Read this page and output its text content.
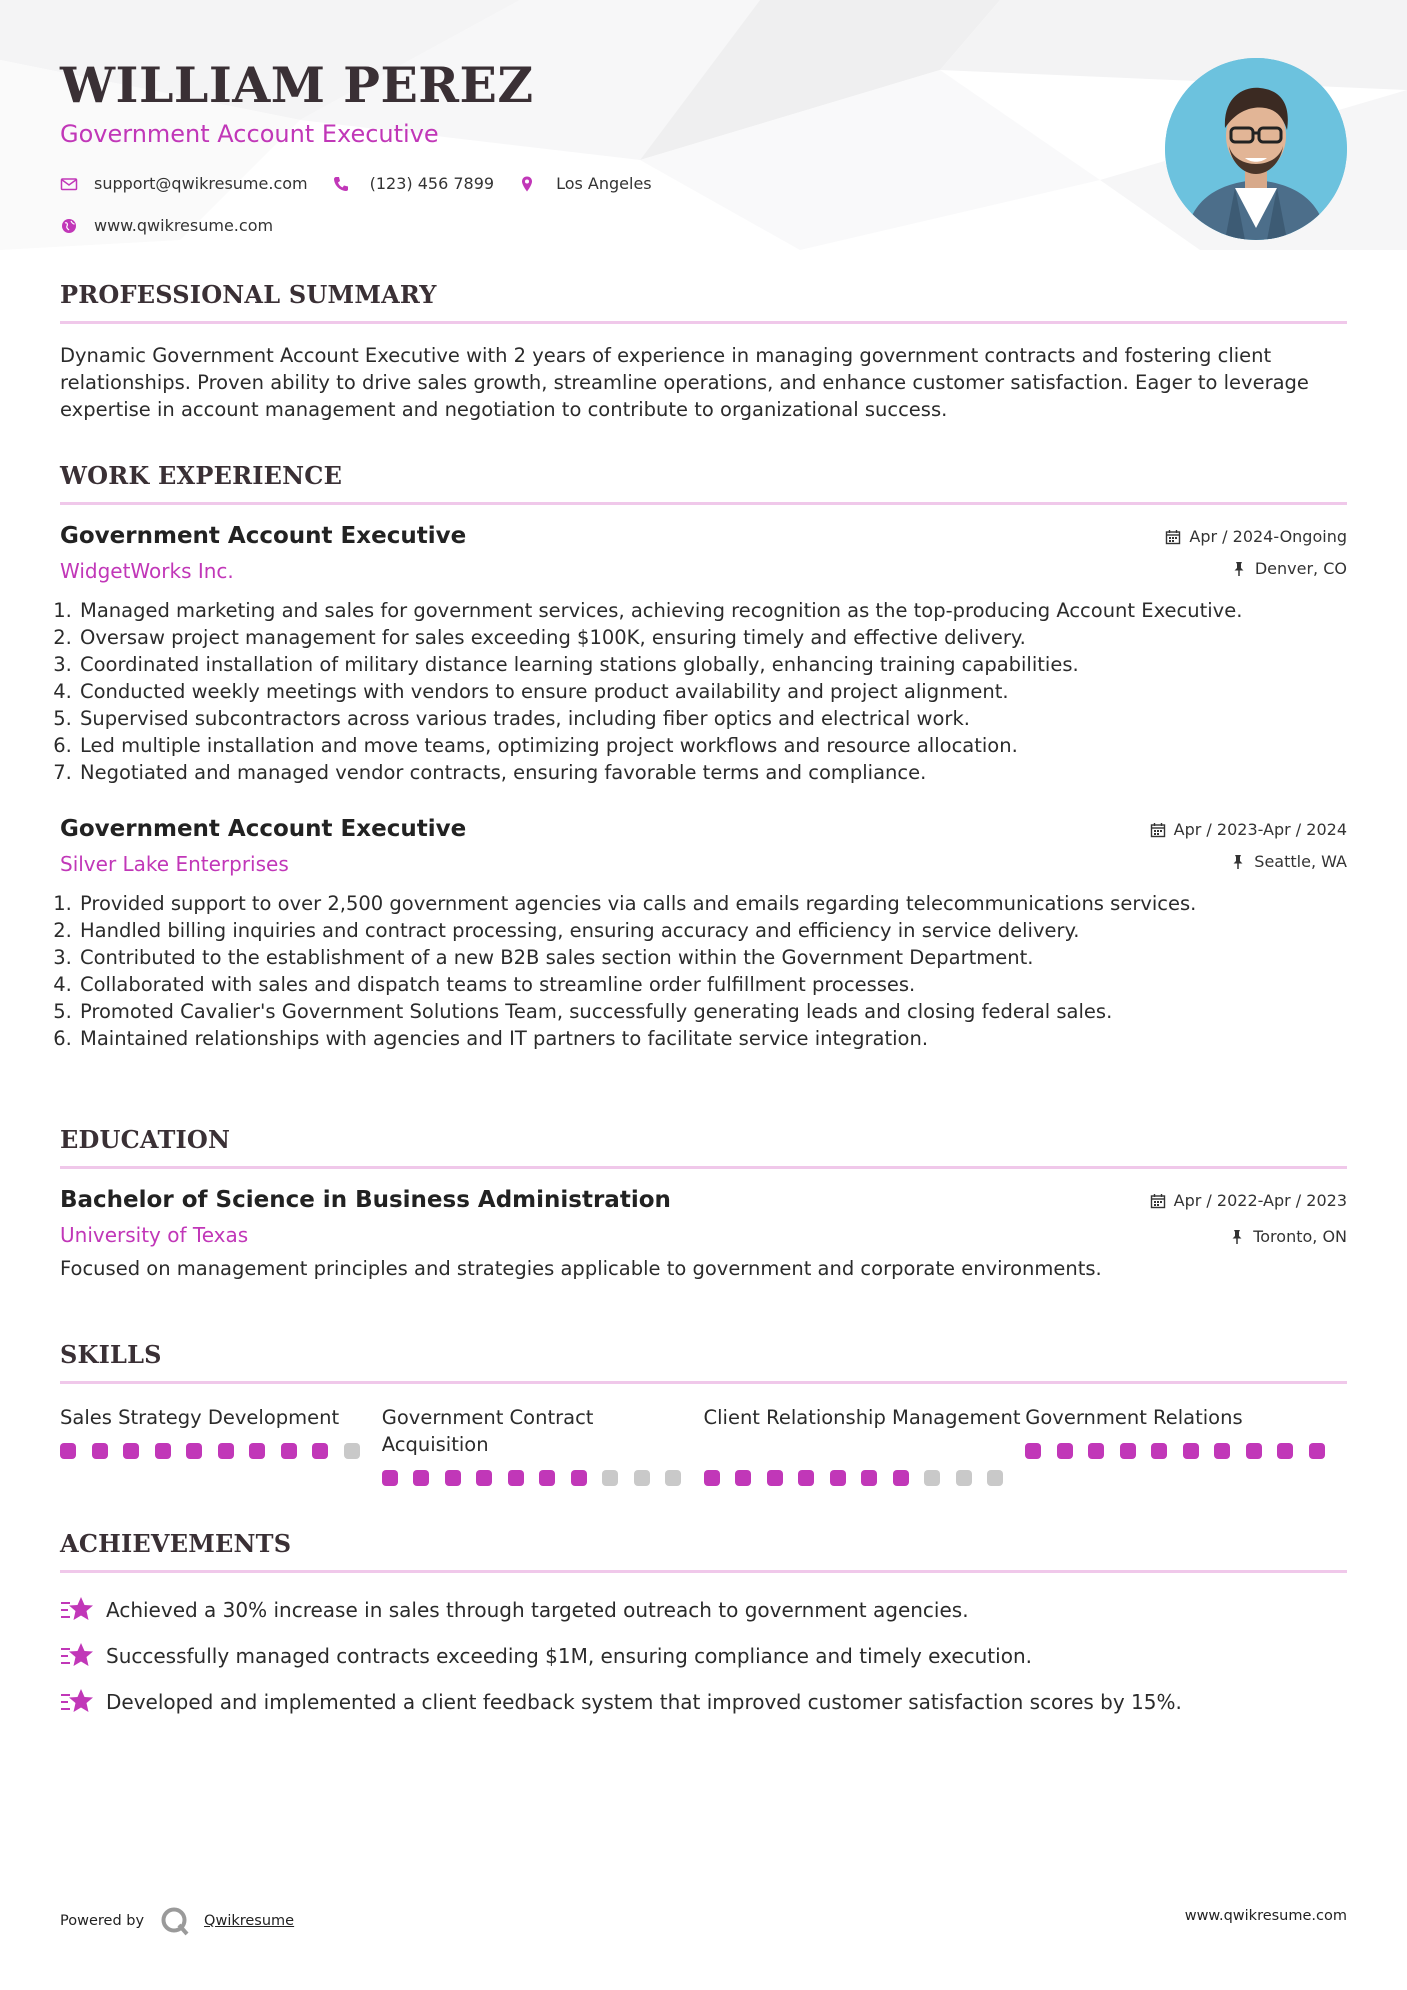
WILLIAM PEREZ
Government Account Executive
support@qwikresume.com	(123) 456 7899	Los Angeles
www.qwikresume.com
PROFESSIONAL SUMMARY
Dynamic Government Account Executive with 2 years of experience in managing government contracts and fostering client relationships. Proven ability to drive sales growth, streamline operations, and enhance customer satisfaction. Eager to leverage expertise in account management and negotiation to contribute to organizational success.
WORK EXPERIENCE
Government Account Executive
WidgetWorks Inc.
Apr / 2024-Ongoing
Denver, CO
1. Managed marketing and sales for government services, achieving recognition as the top-producing Account Executive.
2. Oversaw project management for sales exceeding $100K, ensuring timely and effective delivery.
3. Coordinated installation of military distance learning stations globally, enhancing training capabilities.
4. Conducted weekly meetings with vendors to ensure product availability and project alignment.
5. Supervised subcontractors across various trades, including fiber optics and electrical work.
6. Led multiple installation and move teams, optimizing project workflows and resource allocation.
7. Negotiated and managed vendor contracts, ensuring favorable terms and compliance.
Government Account Executive
Silver Lake Enterprises
Apr / 2023-Apr / 2024
Seattle, WA
1. Provided support to over 2,500 government agencies via calls and emails regarding telecommunications services.
2. Handled billing inquiries and contract processing, ensuring accuracy and efficiency in service delivery.
3. Contributed to the establishment of a new B2B sales section within the Government Department.
4. Collaborated with sales and dispatch teams to streamline order fulfillment processes.
5. Promoted Cavalier's Government Solutions Team, successfully generating leads and closing federal sales.
6. Maintained relationships with agencies and IT partners to facilitate service integration.
EDUCATION
Bachelor of Science in Business Administration
University of Texas
Apr / 2022-Apr / 2023
Toronto, ON
Focused on management principles and strategies applicable to government and corporate environments.
SKILLS
Sales Strategy Development	Government Contract Acquisition
Client Relationship Management Government Relations
ACHIEVEMENTS
Achieved a 30% increase in sales through targeted outreach to government agencies.
Successfully managed contracts exceeding $1M, ensuring compliance and timely execution.
Developed and implemented a client feedback system that improved customer satisfaction scores by 15%.
Powered by	Qwikresume	www.qwikresume.com
